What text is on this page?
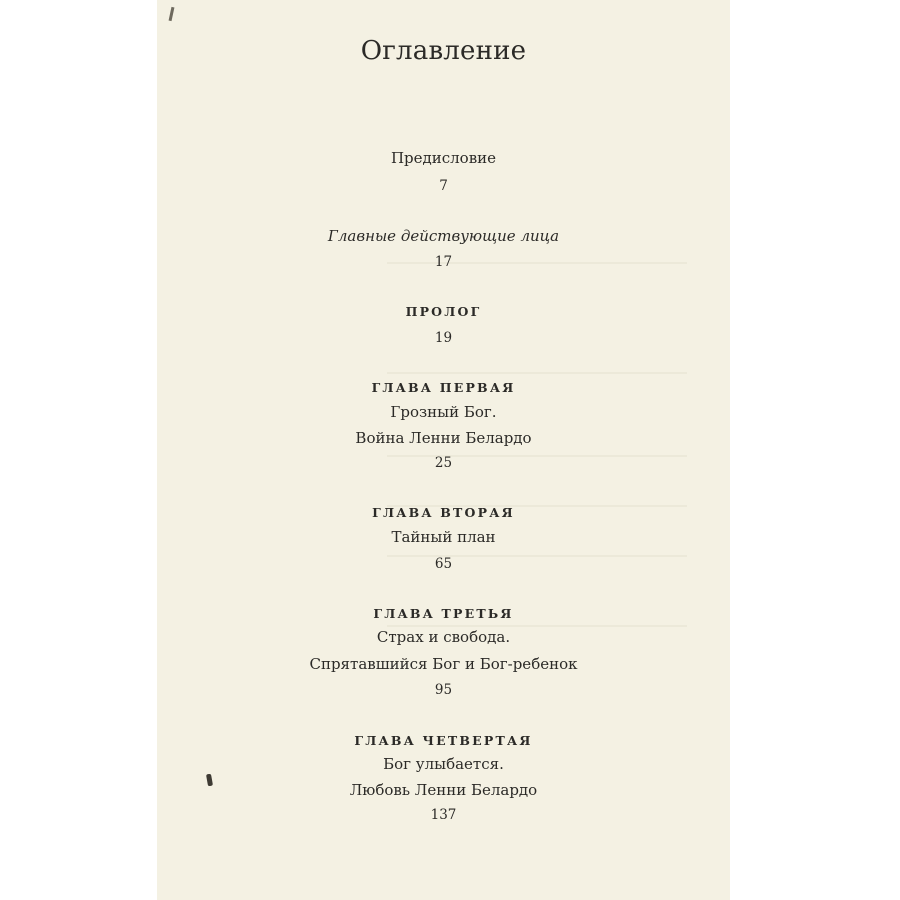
Оглавление
Предисловие
7
Главные действующие лица
17
ПРОЛОГ
19
ГЛАВА ПЕРВАЯ
Грозный Бог.
Война Ленни Белардо
25
ГЛАВА ВТОРАЯ
Тайный план
65
ГЛАВА ТРЕТЬЯ
Страх и свобода.
Спрятавшийся Бог и Бог-ребенок
95
ГЛАВА ЧЕТВЕРТАЯ
Бог улыбается.
Любовь Ленни Белардо
137
